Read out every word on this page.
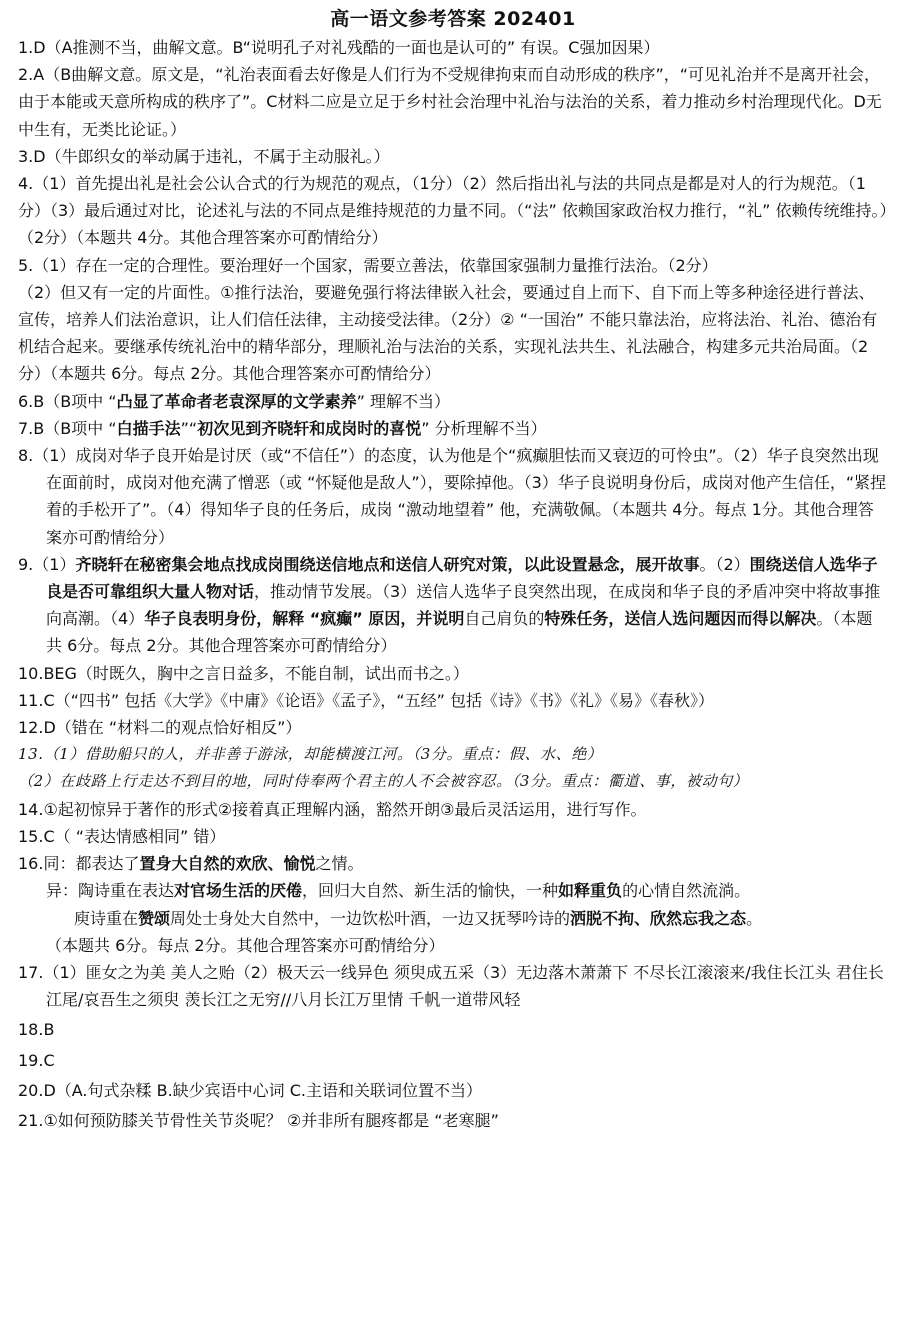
高一语文参考答案 202401

1.D（A推测不当，曲解文意。B“说明孔子对礼残酷的一面也是认可的” 有误。C强加因果）

2.A（B曲解文意。原文是，“礼治表面看去好像是人们行为不受规律拘束而自动形成的秩序”，“可见礼治并不是离开社会，由于本能或天意所构成的秩序了”。C材料二应是立足于乡村社会治理中礼治与法治的关系，着力推动乡村治理现代化。D无中生有，无类比论证。）

3.D（牛郎织女的举动属于违礼，不属于主动服礼。）

4.（1）首先提出礼是社会公认合式的行为规范的观点，（1分）（2）然后指出礼与法的共同点是都是对人的行为规范。（1分）（3）最后通过对比，论述礼与法的不同点是维持规范的力量不同。（“法” 依赖国家政治权力推行，“礼” 依赖传统维持。）（2分）（本题共 4分。其他合理答案亦可酌情给分）

5.（1）存在一定的合理性。要治理好一个国家，需要立善法，依靠国家强制力量推行法治。（2分）

（2）但又有一定的片面性。①推行法治，要避免强行将法律嵌入社会，要通过自上而下、自下而上等多种途径进行普法、宣传，培养人们法治意识，让人们信任法律，主动接受法律。（2分）② “一国治” 不能只靠法治，应将法治、礼治、德治有机结合起来。要继承传统礼治中的精华部分，理顺礼治与法治的关系，实现礼法共生、礼法融合，构建多元共治局面。（2分）（本题共 6分。每点 2分。其他合理答案亦可酌情给分）

6.B（B项中 “凸显了革命者老袁深厚的文学素养” 理解不当）

7.B（B项中 “白描手法”“初次见到齐晓轩和成岗时的喜悦” 分析理解不当）

8.（1）成岗对华子良开始是讨厌（或“不信任”）的态度，认为他是个“疯癫胆怯而又衰迈的可怜虫”。（2）华子良突然出现在面前时，成岗对他充满了憎恶（或 “怀疑他是敌人”），要除掉他。（3）华子良说明身份后，成岗对他产生信任，“紧捏着的手松开了”。（4）得知华子良的任务后，成岗 “激动地望着” 他，充满敬佩。（本题共 4分。每点 1分。其他合理答案亦可酌情给分）

9.（1）齐晓轩在秘密集会地点找成岗围绕送信地点和送信人研究对策，以此设置悬念，展开故事。（2）围绕送信人选华子良是否可靠组织大量人物对话，推动情节发展。（3）送信人选华子良突然出现，在成岗和华子良的矛盾冲突中将故事推向高潮。（4）华子良表明身份，解释 “疯癫” 原因，并说明自己肩负的特殊任务，送信人选问题因而得以解决。（本题共 6分。每点 2分。其他合理答案亦可酌情给分）

10.BEG（时既久，胸中之言日益多，不能自制，试出而书之。）

11.C（“四书” 包括《大学》《中庸》《论语》《孟子》，“五经” 包括《诗》《书》《礼》《易》《春秋》）

12.D（错在 “材料二的观点恰好相反”）

13.（1）借助船只的人，并非善于游泳，却能横渡江河。（3分。重点：假、水、绝）

（2）在歧路上行走达不到目的地，同时侍奉两个君主的人不会被容忍。（3分。重点：衢道、事，被动句）

14.①起初惊异于著作的形式②接着真正理解内涵，豁然开朗③最后灵活运用，进行写作。

15.C（ “表达情感相同” 错）

16.同：都表达了置身大自然的欢欣、愉悦之情。

异：陶诗重在表达对官场生活的厌倦，回归大自然、新生活的愉快，一种如释重负的心情自然流淌。

庾诗重在赞颂周处士身处大自然中，一边饮松叶酒，一边又抚琴吟诗的洒脱不拘、欣然忘我之态。

（本题共 6分。每点 2分。其他合理答案亦可酌情给分）

17.（1）匪女之为美 美人之贻（2）极天云一线异色 须臾成五采（3）无边落木萧萧下 不尽长江滚滚来/我住长江头 君住长江尾/哀吾生之须臾 羡长江之无穷//八月长江万里情 千帆一道带风轻

18.B

19.C

20.D（A.句式杂糅 B.缺少宾语中心词 C.主语和关联词位置不当）

21.①如何预防膝关节骨性关节炎呢？ ②并非所有腿疼都是 “老寒腿”
